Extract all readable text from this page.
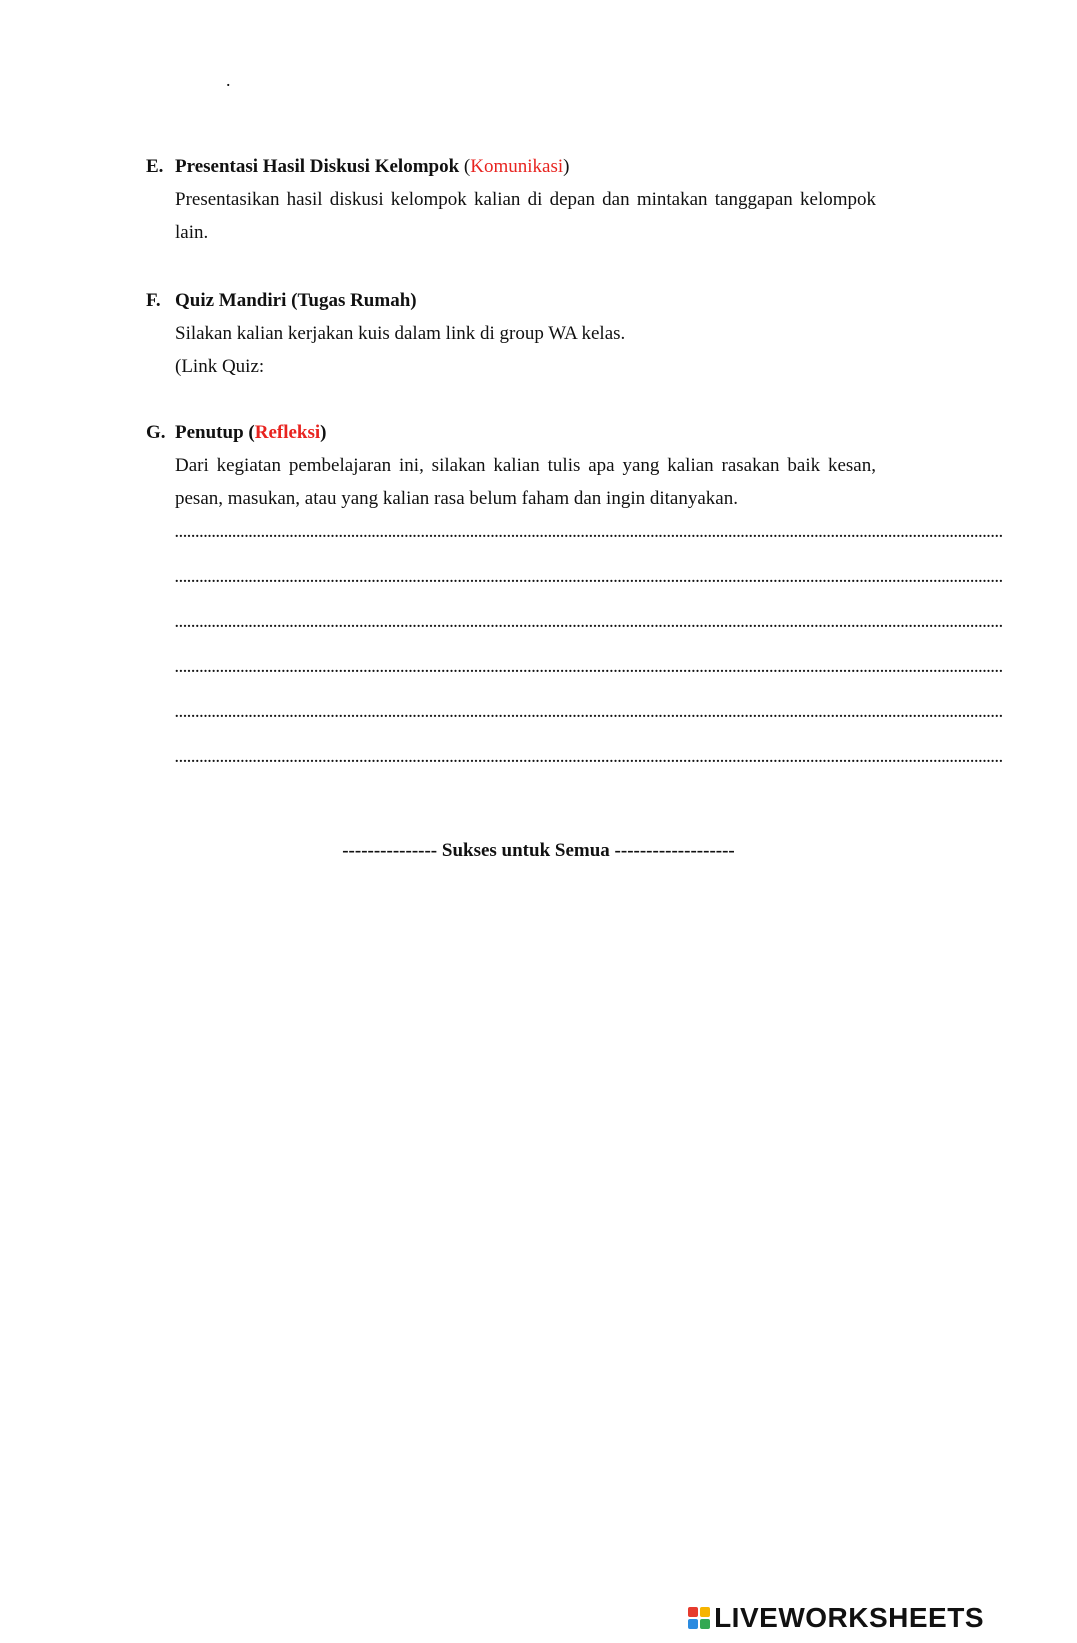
.
E. Presentasi Hasil Diskusi Kelompok (Komunikasi)

Presentasikan hasil diskusi kelompok kalian di depan dan mintakan tanggapan kelompok lain.

F. Quiz Mandiri (Tugas Rumah)

Silakan kalian kerjakan kuis dalam link di group WA kelas.

(Link Quiz:

G. Penutup (Refleksi)

Dari kegiatan pembelajaran ini, silakan kalian tulis apa yang kalian rasakan baik kesan, pesan, masukan, atau yang kalian rasa belum faham dan ingin ditanyakan.

..........................................................................................................................................................................................................
..........................................................................................................................................................................................................
..........................................................................................................................................................................................................
..........................................................................................................................................................................................................
..........................................................................................................................................................................................................
..........................................................................................................................................................................................................
--------------- Sukses untuk Semua -------------------
LIVEWORKSHEETS
